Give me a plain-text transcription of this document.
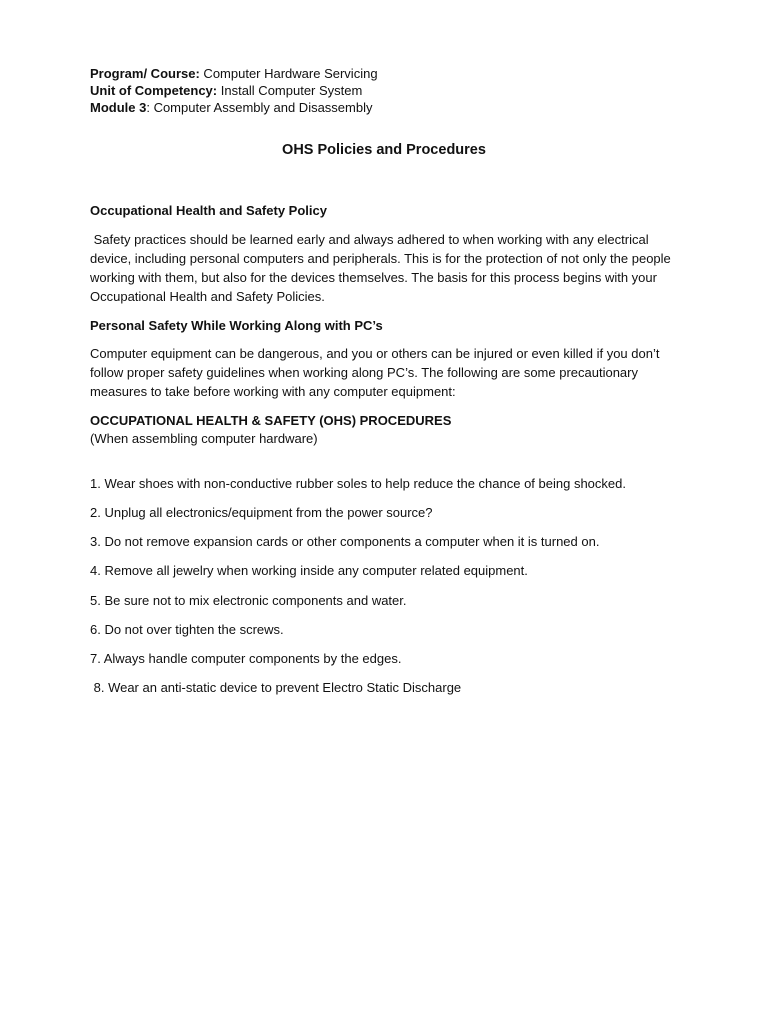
Program/ Course: Computer Hardware Servicing
Unit of Competency: Install Computer System
Module 3: Computer Assembly and Disassembly
OHS Policies and Procedures
Occupational Health and Safety Policy
Safety practices should be learned early and always adhered to when working with any electrical device, including personal computers and peripherals. This is for the protection of not only the people working with them, but also for the devices themselves. The basis for this process begins with your Occupational Health and Safety Policies.
Personal Safety While Working Along with PC’s
Computer equipment can be dangerous, and you or others can be injured or even killed if you don’t follow proper safety guidelines when working along PC’s. The following are some precautionary measures to take before working with any computer equipment:
OCCUPATIONAL HEALTH & SAFETY (OHS) PROCEDURES
(When assembling computer hardware)
1. Wear shoes with non-conductive rubber soles to help reduce the chance of being shocked.
2. Unplug all electronics/equipment from the power source?
3. Do not remove expansion cards or other components a computer when it is turned on.
4. Remove all jewelry when working inside any computer related equipment.
5. Be sure not to mix electronic components and water.
6. Do not over tighten the screws.
7. Always handle computer components by the edges.
8. Wear an anti-static device to prevent Electro Static Discharge
